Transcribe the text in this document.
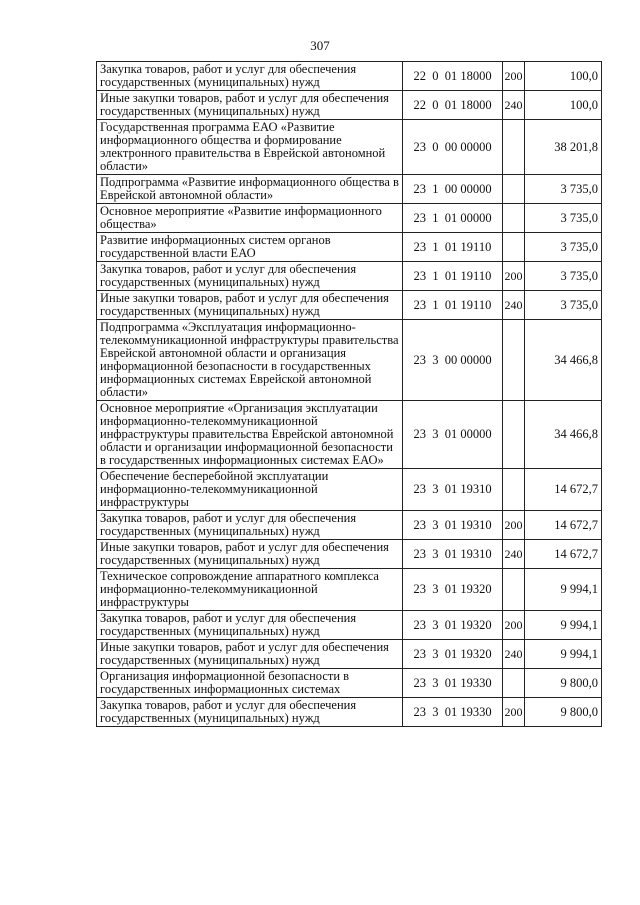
307
Закупка товаров, работ и услуг для обеспечения государственных (муниципальных) нужд	22  0  01 18000	200	100,0
Иные закупки товаров, работ и услуг для обеспечения государственных (муниципальных) нужд	22  0  01 18000	240	100,0
Государственная программа ЕАО «Развитие информационного общества и формирование электронного правительства в Еврейской автономной области»	23  0  00 00000		38 201,8
Подпрограмма «Развитие информационного общества в Еврейской автономной области»	23  1  00 00000		3 735,0
Основное мероприятие «Развитие информационного общества»	23  1  01 00000		3 735,0
Развитие информационных систем органов государственной власти ЕАО	23  1  01 19110		3 735,0
Закупка товаров, работ и услуг для обеспечения государственных (муниципальных) нужд	23  1  01 19110	200	3 735,0
Иные закупки товаров, работ и услуг для обеспечения государственных (муниципальных) нужд	23  1  01 19110	240	3 735,0
Подпрограмма «Эксплуатация информационно-телекоммуникационной инфраструктуры правительства Еврейской автономной области и организация информационной безопасности в государственных информационных системах Еврейской автономной области»	23  3  00 00000		34 466,8
Основное мероприятие «Организация эксплуатации информационно-телекоммуникационной инфраструктуры правительства Еврейской автономной области и организации информационной безопасности в государственных информационных системах ЕАО»	23  3  01 00000		34 466,8
Обеспечение бесперебойной эксплуатации информационно-телекоммуникационной инфраструктуры	23  3  01 19310		14 672,7
Закупка товаров, работ и услуг для обеспечения государственных (муниципальных) нужд	23  3  01 19310	200	14 672,7
Иные закупки товаров, работ и услуг для обеспечения государственных (муниципальных) нужд	23  3  01 19310	240	14 672,7
Техническое сопровождение аппаратного комплекса информационно-телекоммуникационной инфраструктуры	23  3  01 19320		9 994,1
Закупка товаров, работ и услуг для обеспечения государственных (муниципальных) нужд	23  3  01 19320	200	9 994,1
Иные закупки товаров, работ и услуг для обеспечения государственных (муниципальных) нужд	23  3  01 19320	240	9 994,1
Организация информационной безопасности в государственных информационных системах	23  3  01 19330		9 800,0
Закупка товаров, работ и услуг для обеспечения государственных (муниципальных) нужд	23  3  01 19330	200	9 800,0
